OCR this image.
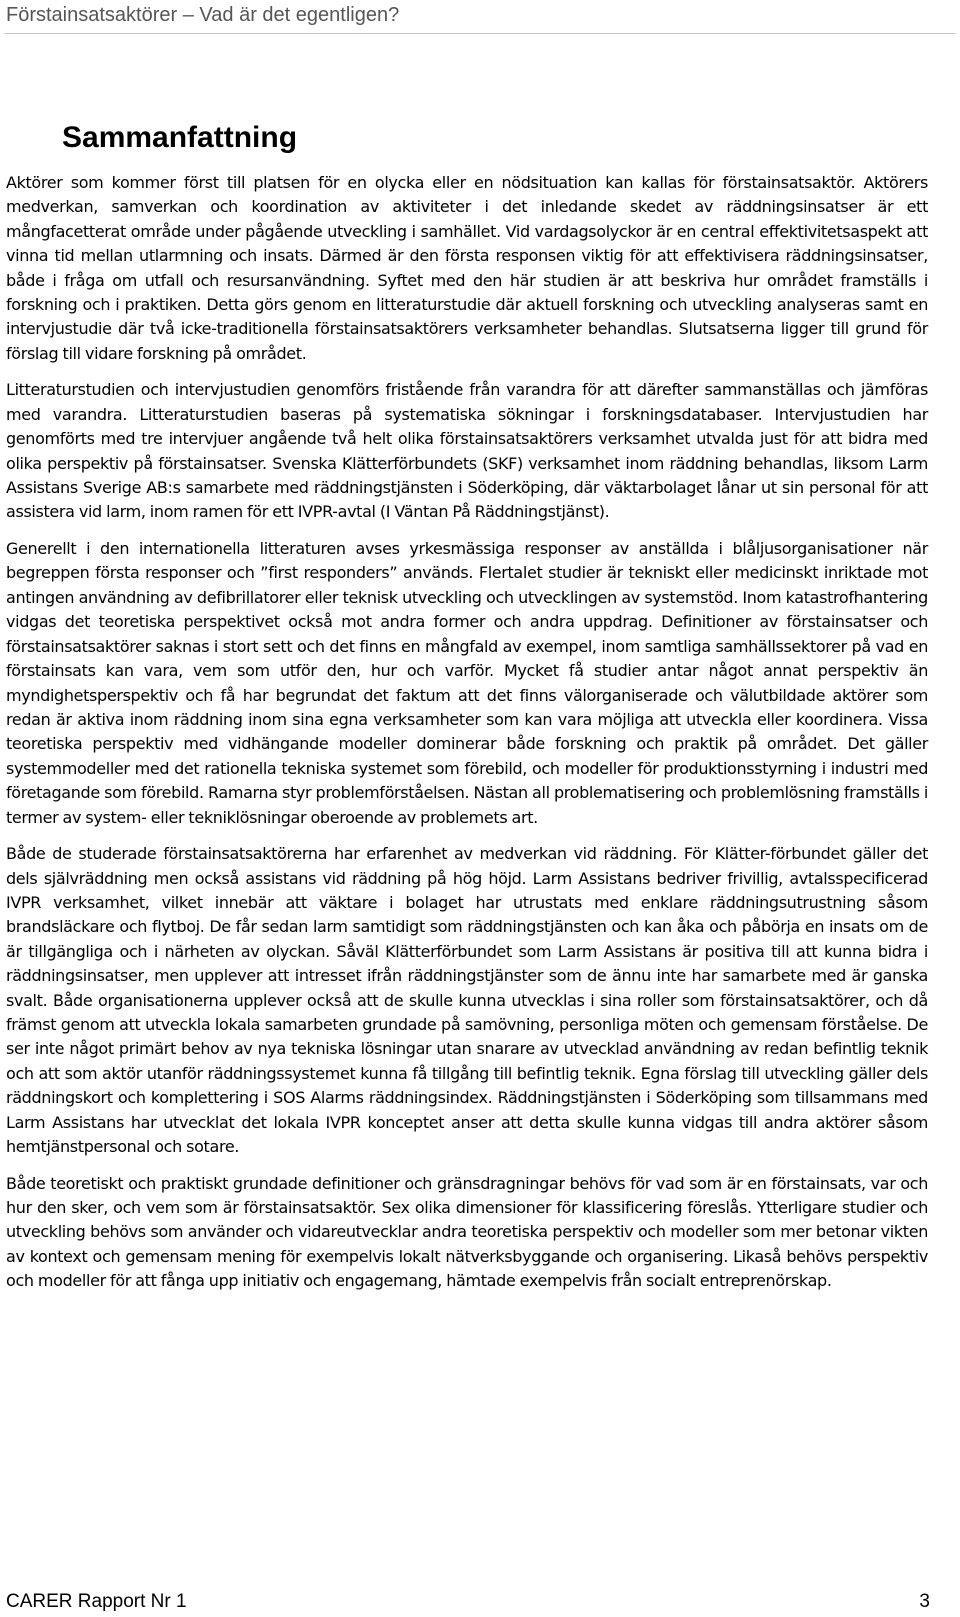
Förstainsatsaktörer – Vad är det egentligen?
Sammanfattning

Aktörer som kommer först till platsen för en olycka eller en nödsituation kan kallas för förstainsatsaktör. Aktörers medverkan, samverkan och koordination av aktiviteter i det inledande skedet av räddningsinsatser är ett mångfacetterat område under pågående utveckling i samhället. Vid vardagsolyckor är en central effektivitetsaspekt att vinna tid mellan utlarmning och insats. Därmed är den första responsen viktig för att effektivisera räddningsinsatser, både i fråga om utfall och resursanvändning. Syftet med den här studien är att beskriva hur området framställs i forskning och i praktiken. Detta görs genom en litteraturstudie där aktuell forskning och utveckling analyseras samt en intervjustudie där två icke-traditionella förstainsatsaktörers verksamheter behandlas. Slutsatserna ligger till grund för förslag till vidare forskning på området.

Litteraturstudien och intervjustudien genomförs fristående från varandra för att därefter sammanställas och jämföras med varandra. Litteraturstudien baseras på systematiska sökningar i forskningsdatabaser. Intervjustudien har genomförts med tre intervjuer angående två helt olika förstainsatsaktörers verksamhet utvalda just för att bidra med olika perspektiv på förstainsatser. Svenska Klätterförbundets (SKF) verksamhet inom räddning behandlas, liksom Larm Assistans Sverige AB:s samarbete med räddningstjänsten i Söderköping, där väktarbolaget lånar ut sin personal för att assistera vid larm, inom ramen för ett IVPR-avtal (I Väntan På Räddningstjänst).

Generellt i den internationella litteraturen avses yrkesmässiga responser av anställda i blåljusorganisationer när begreppen första responser och ”first responders” används. Flertalet studier är tekniskt eller medicinskt inriktade mot antingen användning av defibrillatorer eller teknisk utveckling och utvecklingen av systemstöd. Inom katastrofhantering vidgas det teoretiska perspektivet också mot andra former och andra uppdrag. Definitioner av förstainsatser och förstainsatsaktörer saknas i stort sett och det finns en mångfald av exempel, inom samtliga samhällssektorer på vad en förstainsats kan vara, vem som utför den, hur och varför. Mycket få studier antar något annat perspektiv än myndighetsperspektiv och få har begrundat det faktum att det finns välorganiserade och välutbildade aktörer som redan är aktiva inom räddning inom sina egna verksamheter som kan vara möjliga att utveckla eller koordinera. Vissa teoretiska perspektiv med vidhängande modeller dominerar både forskning och praktik på området. Det gäller systemmodeller med det rationella tekniska systemet som förebild, och modeller för produktionsstyrning i industri med företagande som förebild. Ramarna styr problemförståelsen. Nästan all problematisering och problemlösning framställs i termer av system- eller tekniklösningar oberoende av problemets art.

Både de studerade förstainsatsaktörerna har erfarenhet av medverkan vid räddning. För Klätter-förbundet gäller det dels självräddning men också assistans vid räddning på hög höjd. Larm Assistans bedriver frivillig, avtalsspecificerad IVPR verksamhet, vilket innebär att väktare i bolaget har utrustats med enklare räddningsutrustning såsom brandsläckare och flytboj. De får sedan larm samtidigt som räddningstjänsten och kan åka och påbörja en insats om de är tillgängliga och i närheten av olyckan. Såväl Klätterförbundet som Larm Assistans är positiva till att kunna bidra i räddningsinsatser, men upplever att intresset ifrån räddningstjänster som de ännu inte har samarbete med är ganska svalt. Både organisationerna upplever också att de skulle kunna utvecklas i sina roller som förstainsatsaktörer, och då främst genom att utveckla lokala samarbeten grundade på samövning, personliga möten och gemensam förståelse. De ser inte något primärt behov av nya tekniska lösningar utan snarare av utvecklad användning av redan befintlig teknik och att som aktör utanför räddningssystemet kunna få tillgång till befintlig teknik. Egna förslag till utveckling gäller dels räddningskort och komplettering i SOS Alarms räddningsindex. Räddningstjänsten i Söderköping som tillsammans med Larm Assistans har utvecklat det lokala IVPR konceptet anser att detta skulle kunna vidgas till andra aktörer såsom hemtjänstpersonal och sotare.

Både teoretiskt och praktiskt grundade definitioner och gränsdragningar behövs för vad som är en förstainsats, var och hur den sker, och vem som är förstainsatsaktör. Sex olika dimensioner för klassificering föreslås. Ytterligare studier och utveckling behövs som använder och vidareutvecklar andra teoretiska perspektiv och modeller som mer betonar vikten av kontext och gemensam mening för exempelvis lokalt nätverksbyggande och organisering. Likaså behövs perspektiv och modeller för att fånga upp initiativ och engagemang, hämtade exempelvis från socialt entreprenörskap.

CARER Rapport Nr 1	3
